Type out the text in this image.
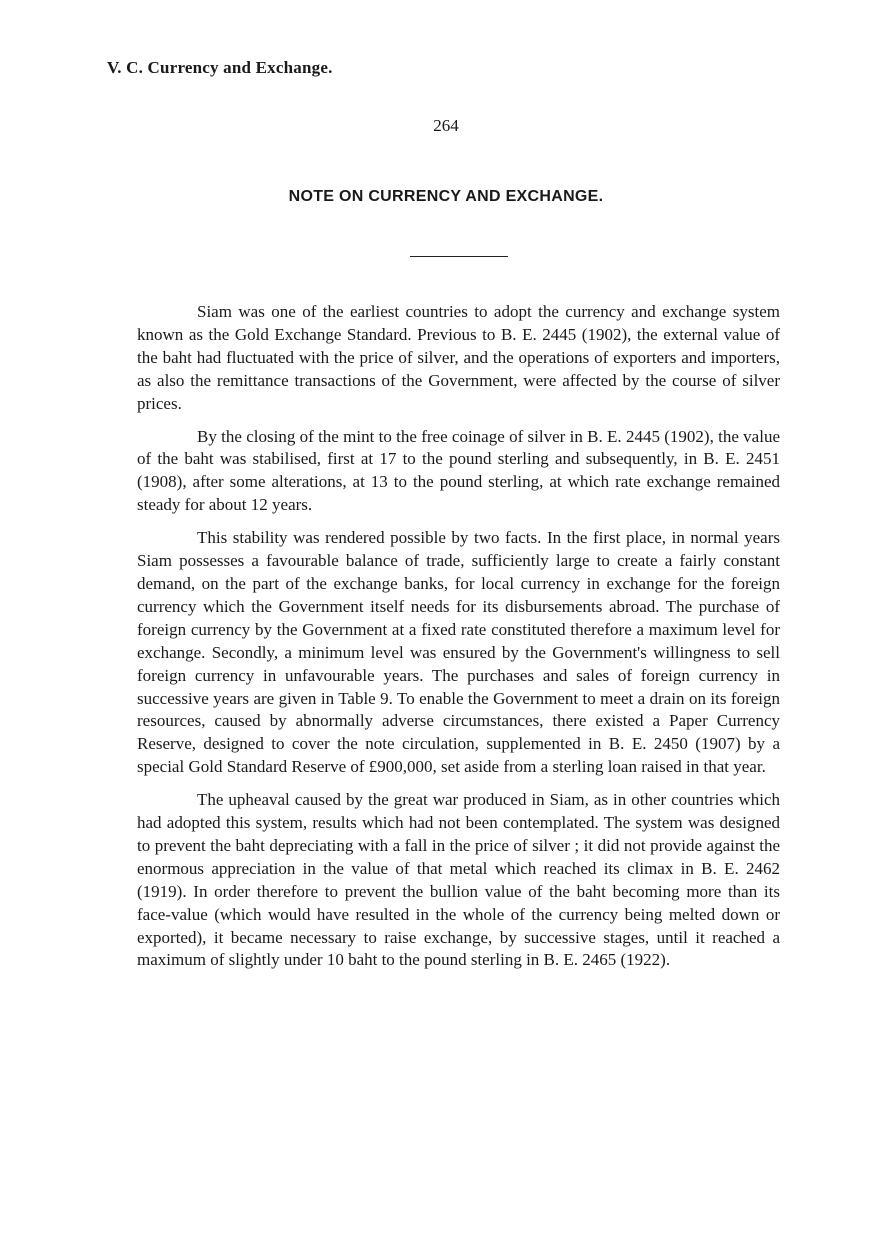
V. C. Currency and Exchange.
264
NOTE ON CURRENCY AND EXCHANGE.

Siam was one of the earliest countries to adopt the currency and exchange system known as the Gold Exchange Standard. Previous to B. E. 2445 (1902), the external value of the baht had fluctuated with the price of silver, and the operations of exporters and importers, as also the remittance transactions of the Government, were affected by the course of silver prices.

By the closing of the mint to the free coinage of silver in B. E. 2445 (1902), the value of the baht was stabilised, first at 17 to the pound sterling and subsequently, in B. E. 2451 (1908), after some alterations, at 13 to the pound sterling, at which rate exchange remained steady for about 12 years.

This stability was rendered possible by two facts. In the first place, in normal years Siam possesses a favourable balance of trade, sufficiently large to create a fairly constant demand, on the part of the exchange banks, for local currency in exchange for the foreign currency which the Government itself needs for its disbursements abroad. The purchase of foreign currency by the Government at a fixed rate constituted therefore a maximum level for exchange. Secondly, a minimum level was ensured by the Government's willingness to sell foreign currency in unfavourable years. The purchases and sales of foreign currency in successive years are given in Table 9. To enable the Government to meet a drain on its foreign resources, caused by abnormally adverse circumstances, there existed a Paper Currency Reserve, designed to cover the note circulation, supplemented in B. E. 2450 (1907) by a special Gold Standard Reserve of £900,000, set aside from a sterling loan raised in that year.

The upheaval caused by the great war produced in Siam, as in other countries which had adopted this system, results which had not been contemplated. The system was designed to prevent the baht depreciating with a fall in the price of silver ; it did not provide against the enormous appreciation in the value of that metal which reached its climax in B. E. 2462 (1919). In order therefore to prevent the bullion value of the baht becoming more than its face-value (which would have resulted in the whole of the currency being melted down or exported), it became necessary to raise exchange, by successive stages, until it reached a maximum of slightly under 10 baht to the pound sterling in B. E. 2465 (1922).
